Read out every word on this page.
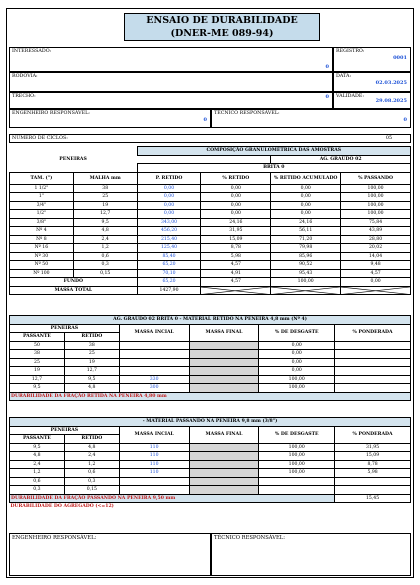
ENSAIO DE DURABILIDADE
(DNER-ME 089-94)
INTERESSADO:
0
REGISTRO:
0001
RODOVIA:	DATA:
02.03.2025
TRECHO:	0	VALIDADE:
29.08.2025
ENGENHEIRO RESPONSÁVEL:
0
TÉCNICO RESPONSÁVEL:
0
NÚMERO DE CICLOS:	05
PENEIRAS		COMPOSIÇÃO GRANULOMÉTRICA DAS AMOSTRAS			
				AG. GRAÚDO 02	
		BRITA 0			
TAM. (")	MALHA mm	P. RETIDO	% RETIDO	% RETIDO ACUMULADO	% PASSANDO
1 1/2"	38	0,00	0,00	0,00	100,00
1"	25	0,00	0,00	0,00	100,00
3/4"	19	0,00	0,00	0,00	100,00
1/2"	12,7	0,00	0,00	0,00	100,00
3/8"	9,5	343,00	24,16	24,16	75,84
Nº 4	4,8	456,20	31,95	56,11	43,89
Nº 8	2,4	215,40	15,09	71,20	28,80
Nº 16	1,2	125,40	8,78	79,98	20,02
Nº 30	0,6	85,40	5,98	85,96	14,04
Nº 50	0,3	65,20	4,57	90,52	9,48
Nº 100	0,15	70,10	4,91	95,43	4,57
FUNDO		65,20	4,57	100,00	0,00
MASSA TOTAL		1427,90	

AG. GRAÚDO 02 BRITA 0 - MATERIAL RETIDO NA PENEIRA 4,8 mm (Nº 4)					
PENEIRAS		MASSA INCIAL	MASSA FINAL	% DE DESGASTE	% PONDERADA
PASSANTE	RETIDO				
50	38			0,00	
38	25			0,00	
25	19			0,00	
19	12,7			0,00	
12,7	9,5	330		100,00	
9,5	4,8	300		100,00	
DURABILIDADE DA FRAÇÃO RETIDA NA PENEIRA 4,80 mm					
- MATERIAL PASSANDO NA PENEIRA 9,8 mm (3/8")					
PENEIRAS		MASSA INCIAL	MASSA FINAL	% DE DESGASTE	% PONDERADA
PASSANTE	RETIDO				
9,5	4,8	110		100,00	31,95
4,8	2,4	110		100,00	15,09
2,4	1,2	110		100,00	8,78
1,2	0,6	110		100,00	5,98
0,6	0,3				
0,3	0,15				
DURABILIDADE DA FRAÇÃO PASSANDO NA PENEIRA 9,50 mm					15,45
DURABILIDADE DO AGREGADO (<=12)					
ENGENHEIRO RESPONSÁVEL:	TÉCNICO RESPONSÁVEL:
